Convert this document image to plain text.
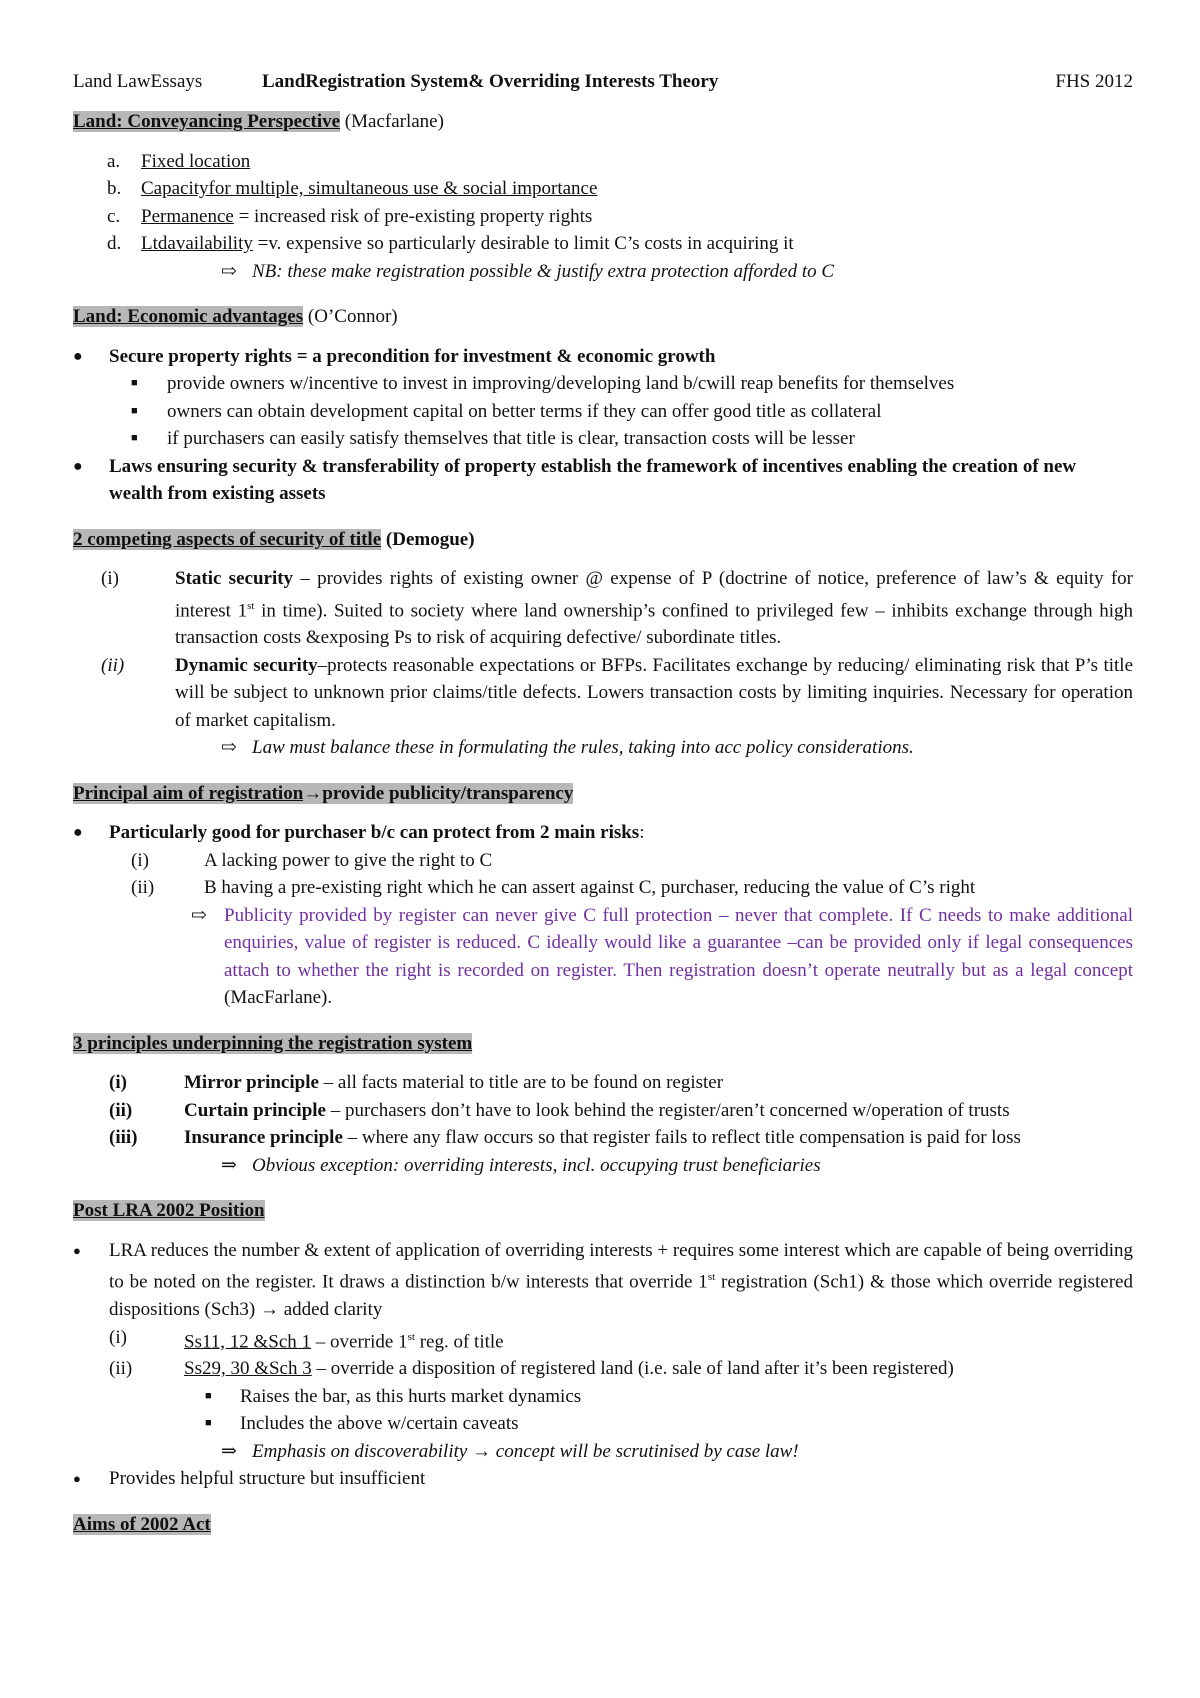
Land LawEssays	LandRegistration System& Overriding Interests Theory	FHS 2012
Land: Conveyancing Perspective (Macfarlane)
a. Fixed location
b. Capacityfor multiple, simultaneous use & social importance
c. Permanence = increased risk of pre-existing property rights
d. Ltdavailability =v. expensive so particularly desirable to limit C’s costs in acquiring it
⇨ NB: these make registration possible & justify extra protection afforded to C
Land: Economic advantages (O’Connor)
● Secure property rights = a precondition for investment & economic growth
■ provide owners w/incentive to invest in improving/developing land b/cwill reap benefits for themselves
■ owners can obtain development capital on better terms if they can offer good title as collateral
■ if purchasers can easily satisfy themselves that title is clear, transaction costs will be lesser
● Laws ensuring security & transferability of property establish the framework of incentives enabling the creation of new wealth from existing assets
2 competing aspects of security of title (Demogue)
(i)	Static security – provides rights of existing owner @ expense of P (doctrine of notice, preference of law’s & equity for interest 1st in time). Suited to society where land ownership’s confined to privileged few – inhibits exchange through high transaction costs &exposing Ps to risk of acquiring defective/ subordinate titles.
(ii)	Dynamic security–protects reasonable expectations or BFPs. Facilitates exchange by reducing/ eliminating risk that P’s title will be subject to unknown prior claims/title defects. Lowers transaction costs by limiting inquiries. Necessary for operation of market capitalism.
⇨ Law must balance these in formulating the rules, taking into acc policy considerations.
Principal aim of registration→provide publicity/transparency
● Particularly good for purchaser b/c can protect from 2 main risks:
(i)	A lacking power to give the right to C
(ii)	B having a pre-existing right which he can assert against C, purchaser, reducing the value of C’s right
⇨ Publicity provided by register can never give C full protection – never that complete. If C needs to make additional enquiries, value of register is reduced. C ideally would like a guarantee –can be provided only if legal consequences attach to whether the right is recorded on register. Then registration doesn’t operate neutrally but as a legal concept (MacFarlane).
3 principles underpinning the registration system
(i)	Mirror principle – all facts material to title are to be found on register
(ii)	Curtain principle – purchasers don’t have to look behind the register/aren’t concerned w/operation of trusts
(iii) Insurance principle – where any flaw occurs so that register fails to reflect title compensation is paid for loss
⇒ Obvious exception: overriding interests, incl. occupying trust beneficiaries
Post LRA 2002 Position
● LRA reduces the number & extent of application of overriding interests + requires some interest which are capable of being overriding to be noted on the register. It draws a distinction b/w interests that override 1st registration (Sch1) & those which override registered dispositions (Sch3) → added clarity
(i)	Ss11, 12 &Sch 1 – override 1st reg. of title
(ii)	Ss29, 30 &Sch 3 – override a disposition of registered land (i.e. sale of land after it’s been registered)
■ Raises the bar, as this hurts market dynamics
■ Includes the above w/certain caveats
⇒ Emphasis on discoverability → concept will be scrutinised by case law!
● Provides helpful structure but insufficient
Aims of 2002 Act
